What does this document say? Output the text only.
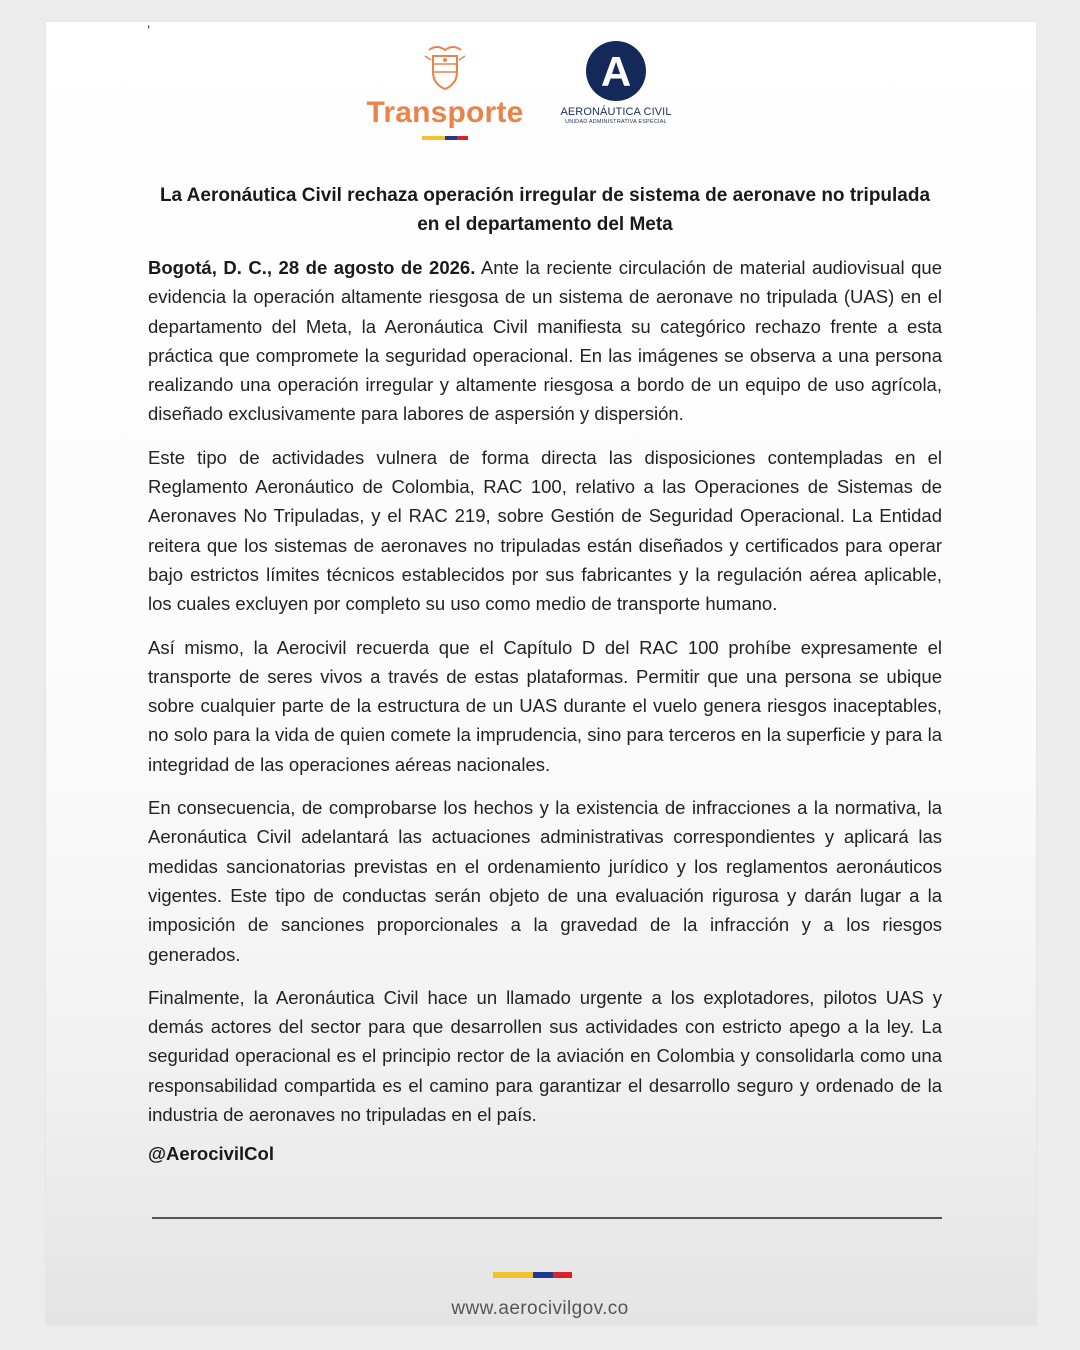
’
Transporte
A
AERONÁUTICA CIVIL
UNIDAD ADMINISTRATIVA ESPECIAL
La Aeronáutica Civil rechaza operación irregular de sistema de aeronave no tripulada
en el departamento del Meta

Bogotá, D. C., 28 de agosto de 2026. Ante la reciente circulación de material audiovisual que evidencia la operación altamente riesgosa de un sistema de aeronave no tripulada (UAS) en el departamento del Meta, la Aeronáutica Civil manifiesta su categórico rechazo frente a esta práctica que compromete la seguridad operacional. En las imágenes se observa a una persona realizando una operación irregular y altamente riesgosa a bordo de un equipo de uso agrícola, diseñado exclusivamente para labores de aspersión y dispersión.

Este tipo de actividades vulnera de forma directa las disposiciones contempladas en el Reglamento Aeronáutico de Colombia, RAC 100, relativo a las Operaciones de Sistemas de Aeronaves No Tripuladas, y el RAC 219, sobre Gestión de Seguridad Operacional. La Entidad reitera que los sistemas de aeronaves no tripuladas están diseñados y certificados para operar bajo estrictos límites técnicos establecidos por sus fabricantes y la regulación aérea aplicable, los cuales excluyen por completo su uso como medio de transporte humano.

Así mismo, la Aerocivil recuerda que el Capítulo D del RAC 100 prohíbe expresamente el transporte de seres vivos a través de estas plataformas. Permitir que una persona se ubique sobre cualquier parte de la estructura de un UAS durante el vuelo genera riesgos inaceptables, no solo para la vida de quien comete la imprudencia, sino para terceros en la superficie y para la integridad de las operaciones aéreas nacionales.

En consecuencia, de comprobarse los hechos y la existencia de infracciones a la normativa, la Aeronáutica Civil adelantará las actuaciones administrativas correspondientes y aplicará las medidas sancionatorias previstas en el ordenamiento jurídico y los reglamentos aeronáuticos vigentes. Este tipo de conductas serán objeto de una evaluación rigurosa y darán lugar a la imposición de sanciones proporcionales a la gravedad de la infracción y a los riesgos generados.

Finalmente, la Aeronáutica Civil hace un llamado urgente a los explotadores, pilotos UAS y demás actores del sector para que desarrollen sus actividades con estricto apego a la ley. La seguridad operacional es el principio rector de la aviación en Colombia y consolidarla como una responsabilidad compartida es el camino para garantizar el desarrollo seguro y ordenado de la industria de aeronaves no tripuladas en el país.

@AerocivilCol
www.aerocivilgov.co
